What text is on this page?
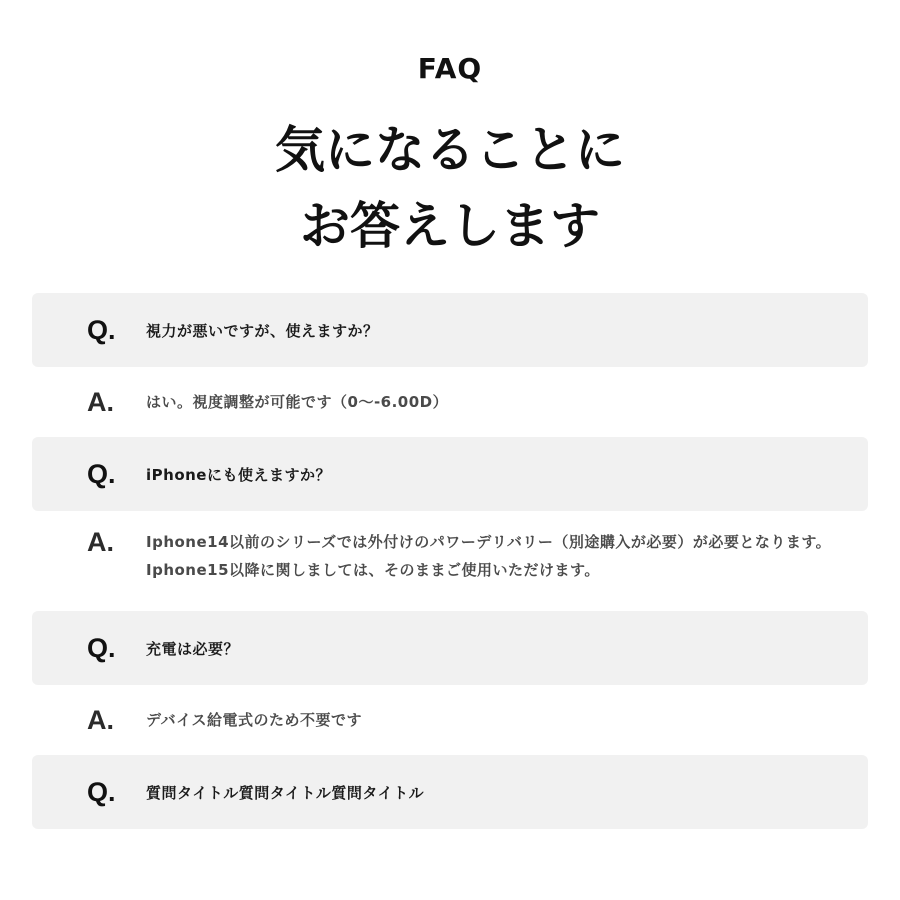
FAQ
気になることに
お答えします
Q.	視力が悪いですが、使えますか？
A.	はい。視度調整が可能です（0〜-6.00D）
Q.	iPhoneにも使えますか？
A.	Iphone14以前のシリーズでは外付けのパワーデリバリー（別途購入が必要）が必要となります。
Iphone15以降に関しましては、そのままご使用いただけます。
Q.	充電は必要？
A.	デバイス給電式のため不要です
Q.	質問タイトル質問タイトル質問タイトル
